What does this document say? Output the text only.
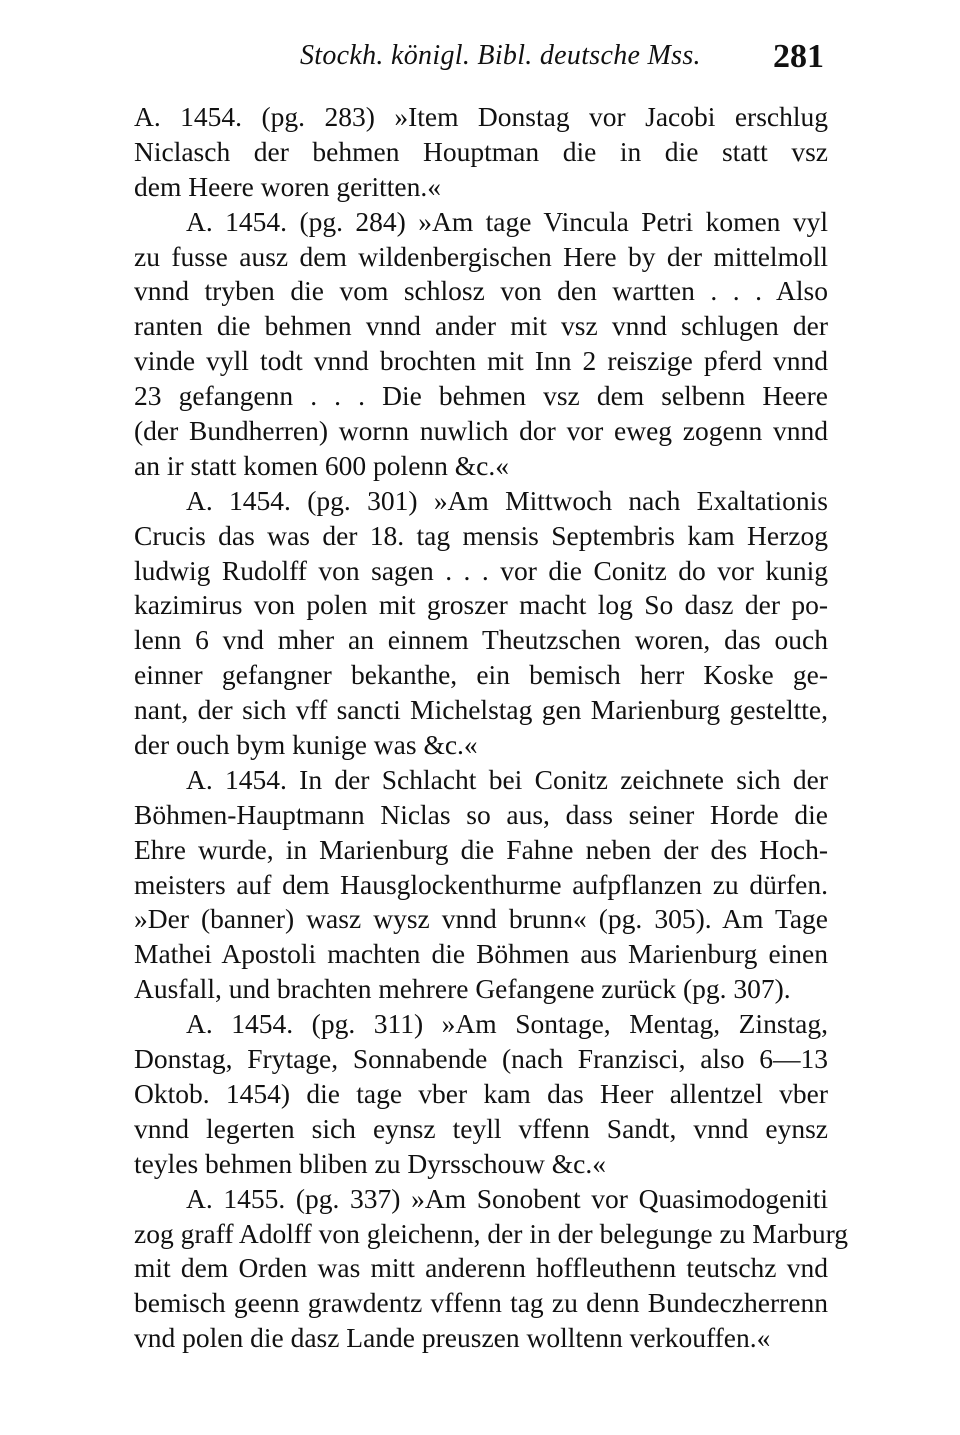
Stockh. königl. Bibl. deutsche Mss. 281
A. 1454. (pg. 283) »Item Donstag vor Jacobi erschlug
Niclasch der behmen Houptman die in die statt vsz
dem Heere woren geritten.«
A. 1454. (pg. 284) »Am tage Vincula Petri komen vyl
zu fusse ausz dem wildenbergischen Here by der mittelmoll
vnnd tryben die vom schlosz von den wartten . . . Also
ranten die behmen vnnd ander mit vsz vnnd schlugen der
vinde vyll todt vnnd brochten mit Inn 2 reiszige pferd vnnd
23 gefangenn . . . Die behmen vsz dem selbenn Heere
(der Bundherren) wornn nuwlich dor vor eweg zogenn vnnd
an ir statt komen 600 polenn &c.«
A. 1454. (pg. 301) »Am Mittwoch nach Exaltationis
Crucis das was der 18. tag mensis Septembris kam Herzog
ludwig Rudolff von sagen . . . vor die Conitz do vor kunig
kazimirus von polen mit groszer macht log So dasz der po-
lenn 6 vnd mher an einnem Theutzschen woren, das ouch
einner gefangner bekanthe, ein bemisch herr Koske ge-
nant, der sich vff sancti Michelstag gen Marienburg gesteltte,
der ouch bym kunige was &c.«
A. 1454. In der Schlacht bei Conitz zeichnete sich der
Böhmen-Hauptmann Niclas so aus, dass seiner Horde die
Ehre wurde, in Marienburg die Fahne neben der des Hoch-
meisters auf dem Hausglockenthurme aufpflanzen zu dürfen.
»Der (banner) wasz wysz vnnd brunn« (pg. 305). Am Tage
Mathei Apostoli machten die Böhmen aus Marienburg einen
Ausfall, und brachten mehrere Gefangene zurück (pg. 307).
A. 1454. (pg. 311) »Am Sontage, Mentag, Zinstag,
Donstag, Frytage, Sonnabende (nach Franzisci, also 6—13
Oktob. 1454) die tage vber kam das Heer allentzel vber
vnnd legerten sich eynsz teyll vffenn Sandt, vnnd eynsz
teyles behmen bliben zu Dyrsschouw &c.«
A. 1455. (pg. 337) »Am Sonobent vor Quasimodogeniti
zog graff Adolff von gleichenn, der in der belegunge zu Marburg
mit dem Orden was mitt anderenn hoffleuthenn teutschz vnd
bemisch geenn grawdentz vffenn tag zu denn Bundeczherrenn
vnd polen die dasz Lande preuszen wolltenn verkouffen.«
